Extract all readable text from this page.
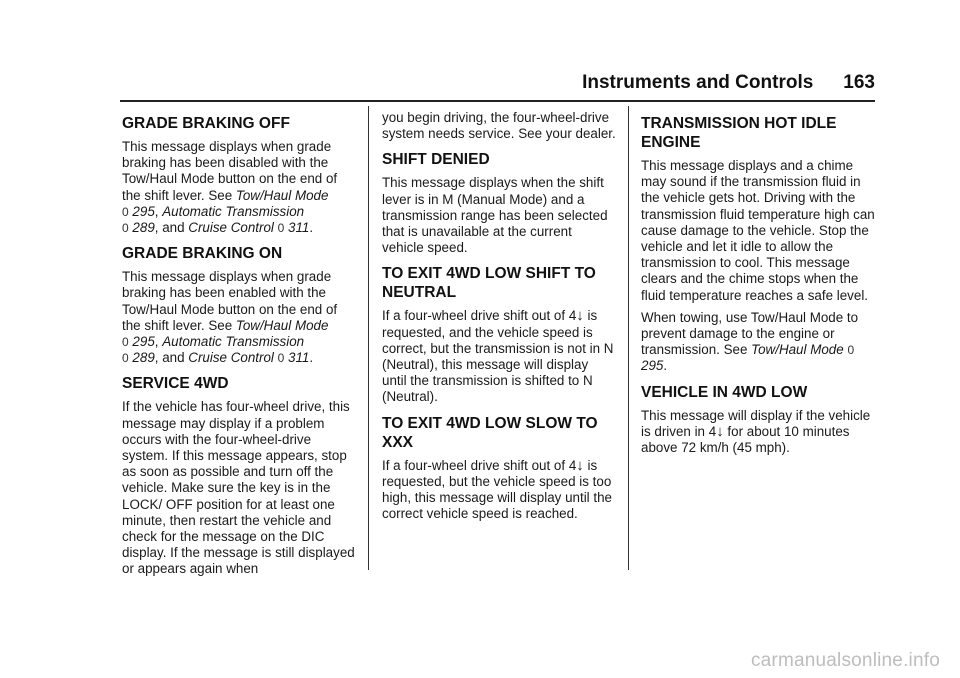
Instruments and Controls 163
GRADE BRAKING OFF

This message displays when grade braking has been disabled with the Tow/Haul Mode button on the end of the shift lever. See Tow/Haul Mode
0 295, Automatic Transmission
0 289, and Cruise Control 0 311.

GRADE BRAKING ON

This message displays when grade braking has been enabled with the Tow/Haul Mode button on the end of the shift lever. See Tow/Haul Mode
0 295, Automatic Transmission
0 289, and Cruise Control 0 311.

SERVICE 4WD

If the vehicle has four-wheel drive, this message may display if a problem occurs with the four-wheel-drive system. If this message appears, stop as soon as possible and turn off the vehicle. Make sure the key is in the LOCK/ OFF position for at least one minute, then restart the vehicle and check for the message on the DIC display. If the message is still displayed or appears again when

you begin driving, the four-wheel-drive system needs service. See your dealer.

SHIFT DENIED

This message displays when the shift lever is in M (Manual Mode) and a transmission range has been selected that is unavailable at the current vehicle speed.

TO EXIT 4WD LOW SHIFT TO NEUTRAL

If a four-wheel drive shift out of 4↓ is requested, and the vehicle speed is correct, but the transmission is not in N (Neutral), this message will display until the transmission is shifted to N (Neutral).

TO EXIT 4WD LOW SLOW TO XXX

If a four-wheel drive shift out of 4↓ is requested, but the vehicle speed is too high, this message will display until the correct vehicle speed is reached.

TRANSMISSION HOT IDLE ENGINE

This message displays and a chime may sound if the transmission fluid in the vehicle gets hot. Driving with the transmission fluid temperature high can cause damage to the vehicle. Stop the vehicle and let it idle to allow the transmission to cool. This message clears and the chime stops when the fluid temperature reaches a safe level.

When towing, use Tow/Haul Mode to prevent damage to the engine or transmission. See Tow/Haul Mode 0 295.

VEHICLE IN 4WD LOW

This message will display if the vehicle is driven in 4↓ for about 10 minutes above 72 km/h (45 mph).

carmanualsonline.info
